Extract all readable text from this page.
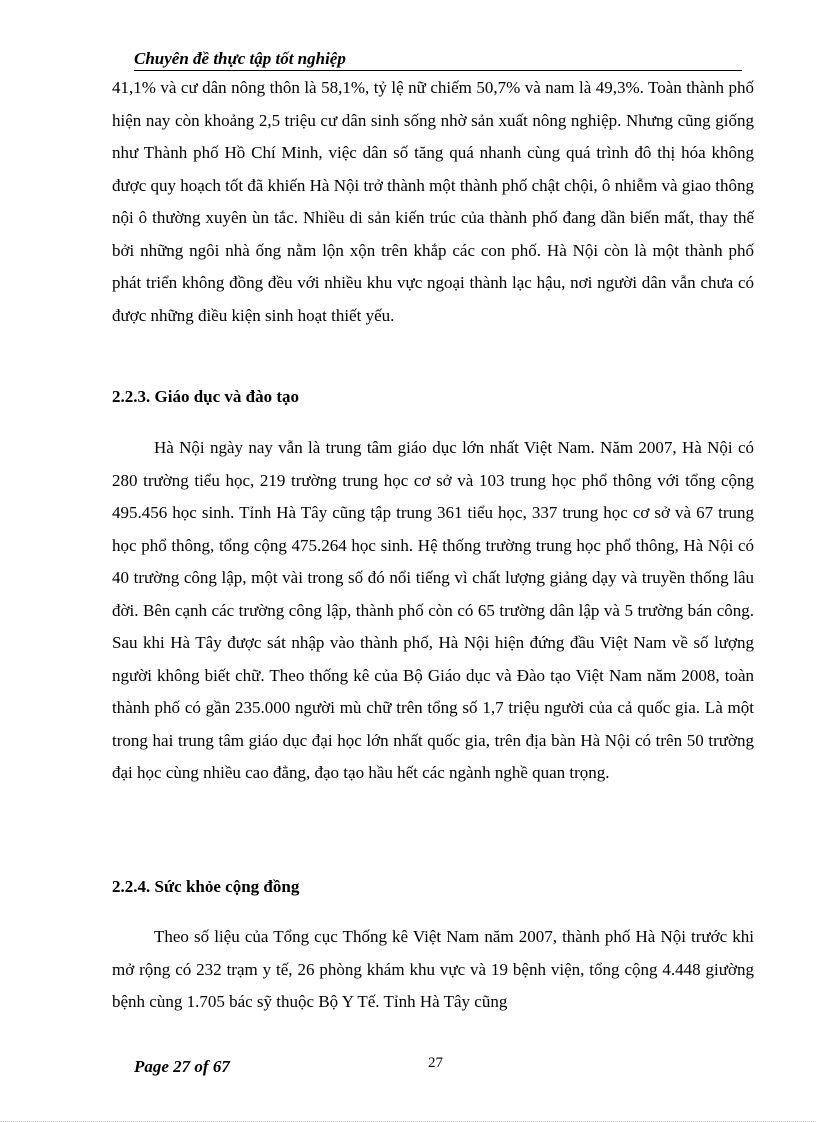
Chuyên đề thực tập tốt nghiệp

41,1% và cư dân nông thôn là 58,1%, tỷ lệ nữ chiếm 50,7% và nam là 49,3%. Toàn thành phố hiện nay còn khoảng 2,5 triệu cư dân sinh sống nhờ sản xuất nông nghiệp. Nhưng cũng giống như Thành phố Hồ Chí Minh, việc dân số tăng quá nhanh cùng quá trình đô thị hóa không được quy hoạch tốt đã khiến Hà Nội trở thành một thành phố chật chội, ô nhiễm và giao thông nội ô thường xuyên ùn tắc. Nhiều di sản kiến trúc của thành phố đang dần biến mất, thay thế bởi những ngôi nhà ống nằm lộn xộn trên khắp các con phố. Hà Nội còn là một thành phố phát triển không đồng đều với nhiều khu vực ngoại thành lạc hậu, nơi người dân vẫn chưa có được những điều kiện sinh hoạt thiết yếu.

2.2.3. Giáo dục và đào tạo

Hà Nội ngày nay vẫn là trung tâm giáo dục lớn nhất Việt Nam. Năm 2007, Hà Nội có 280 trường tiểu học, 219 trường trung học cơ sở và 103 trung học phổ thông với tổng cộng 495.456 học sinh. Tỉnh Hà Tây cũng tập trung 361 tiểu học, 337 trung học cơ sở và 67 trung học phổ thông, tổng cộng 475.264 học sinh. Hệ thống trường trung học phổ thông, Hà Nội có 40 trường công lập, một vài trong số đó nổi tiếng vì chất lượng giảng dạy và truyền thống lâu đời. Bên cạnh các trường công lập, thành phố còn có 65 trường dân lập và 5 trường bán công. Sau khi Hà Tây được sát nhập vào thành phố, Hà Nội hiện đứng đầu Việt Nam về số lượng người không biết chữ. Theo thống kê của Bộ Giáo dục và Đào tạo Việt Nam năm 2008, toàn thành phố có gần 235.000 người mù chữ trên tổng số 1,7 triệu người của cả quốc gia. Là một trong hai trung tâm giáo dục đại học lớn nhất quốc gia, trên địa bàn Hà Nội có trên 50 trường đại học cùng nhiều cao đẳng, đạo tạo hầu hết các ngành nghề quan trọng.

2.2.4. Sức khỏe cộng đồng

Theo số liệu của Tổng cục Thống kê Việt Nam năm 2007, thành phố Hà Nội trước khi mở rộng có 232 trạm y tế, 26 phòng khám khu vực và 19 bệnh viện, tổng cộng 4.448 giường bệnh cùng 1.705 bác sỹ thuộc Bộ Y Tế. Tỉnh Hà Tây cũng

Page 27 of 67	27
